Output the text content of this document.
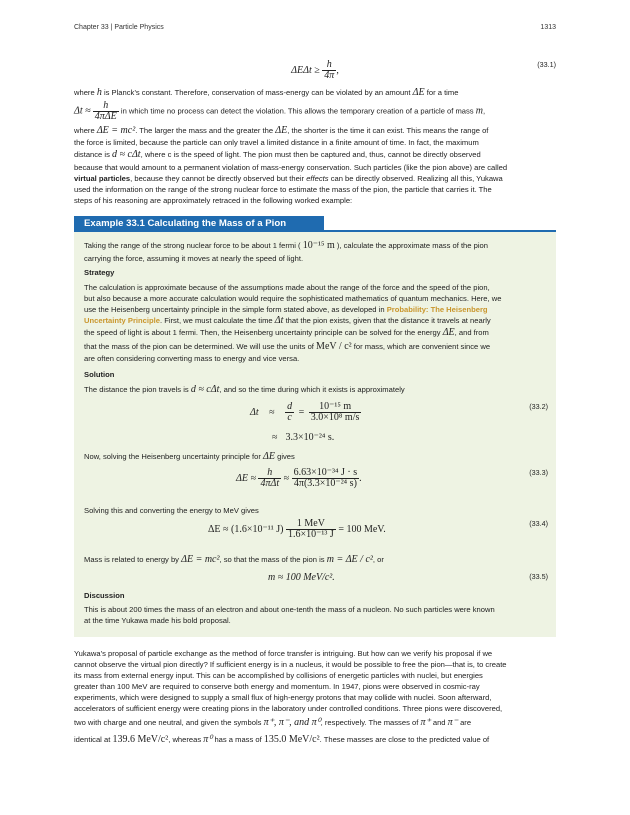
Chapter 33 | Particle Physics	1313
$\Delta E\Delta t \ge \frac{h}{4\pi}$ ,
(33.1)

where h is Planck’s constant. Therefore, conservation of mass-energy can be violated by an amount ΔE for a time

$\Delta t \approx \frac{h}{\text{4πΔE}}$ in which time no process can detect the violation. This allows the temporary creation of a particle of mass m,

where ΔE = mc². The larger the mass and the greater the ΔE, the shorter is the time it can exist. This means the range of

the force is limited, because the particle can only travel a limited distance in a finite amount of time. In fact, the maximum

distance is d ≈ cΔt, where c is the speed of light. The pion must then be captured and, thus, cannot be directly observed

because that would amount to a permanent violation of mass-energy conservation. Such particles (like the pion above) are called

virtual particles, because they cannot be directly observed but their effects can be directly observed. Realizing all this, Yukawa

used the information on the range of the strong nuclear force to estimate the mass of the pion, the particle that carries it. The

steps of his reasoning are approximately retraced in the following worked example:

Example 33.1 Calculating the Mass of a Pion

Taking the range of the strong nuclear force to be about 1 fermi ( 10⁻¹⁵ m ), calculate the approximate mass of the pion

carrying the force, assuming it moves at nearly the speed of light.

Strategy

The calculation is approximate because of the assumptions made about the range of the force and the speed of the pion,

but also because a more accurate calculation would require the sophisticated mathematics of quantum mechanics. Here, we

use the Heisenberg uncertainty principle in the simple form stated above, as developed in Probability: The Heisenberg

Uncertainty Principle. First, we must calculate the time Δt that the pion exists, given that the distance it travels at nearly

the speed of light is about 1 fermi. Then, the Heisenberg uncertainty principle can be solved for the energy ΔE, and from

that the mass of the pion can be determined. We will use the units of MeV / c² for mass, which are convenient since we

are often considering converting mass to energy and vice versa.

Solution

The distance the pion travels is d ≈ cΔt, and so the time during which it exists is approximately

$\Delta t \approx \frac{d}{c} = \frac{\text{10⁻¹⁵ m}}{\text{3.0×10⁸ m/s}}$
≈ 3.3×10⁻²⁴ s.
(33.2)

Now, solving the Heisenberg uncertainty principle for ΔE gives

$\Delta E \approx \frac{h}{\text{4πΔt}} \approx \frac{\text{6.63×10⁻³⁴ J · s}}{\text{4π(3.3×10⁻²⁴ s)}}$ .
(33.3)

Solving this and converting the energy to MeV gives

ΔE ≈ (1.6×10⁻¹¹ $J) \frac{\text{1 MeV}}{\text{1.6×10⁻¹³ J}} = 100$ MeV.
(33.4)

Mass is related to energy by ΔE = mc², so that the mass of the pion is m = ΔE / c², or

m ≈ 100 MeV/c².	(33.5)

Discussion

This is about 200 times the mass of an electron and about one-tenth the mass of a nucleon. No such particles were known

at the time Yukawa made his bold proposal.

Yukawa’s proposal of particle exchange as the method of force transfer is intriguing. But how can we verify his proposal if we

cannot observe the virtual pion directly? If sufficient energy is in a nucleus, it would be possible to free the pion—that is, to create

its mass from external energy input. This can be accomplished by collisions of energetic particles with nuclei, but energies

greater than 100 MeV are required to conserve both energy and momentum. In 1947, pions were observed in cosmic-ray

experiments, which were designed to supply a small flux of high-energy protons that may collide with nuclei. Soon afterward,

accelerators of sufficient energy were creating pions in the laboratory under controlled conditions. Three pions were discovered,

two with charge and one neutral, and given the symbols π⁺, π⁻, and π⁰, respectively. The masses of π⁺ and π⁻ are

identical at 139.6 MeV/c², whereas π⁰ has a mass of 135.0 MeV/c². These masses are close to the predicted value of
